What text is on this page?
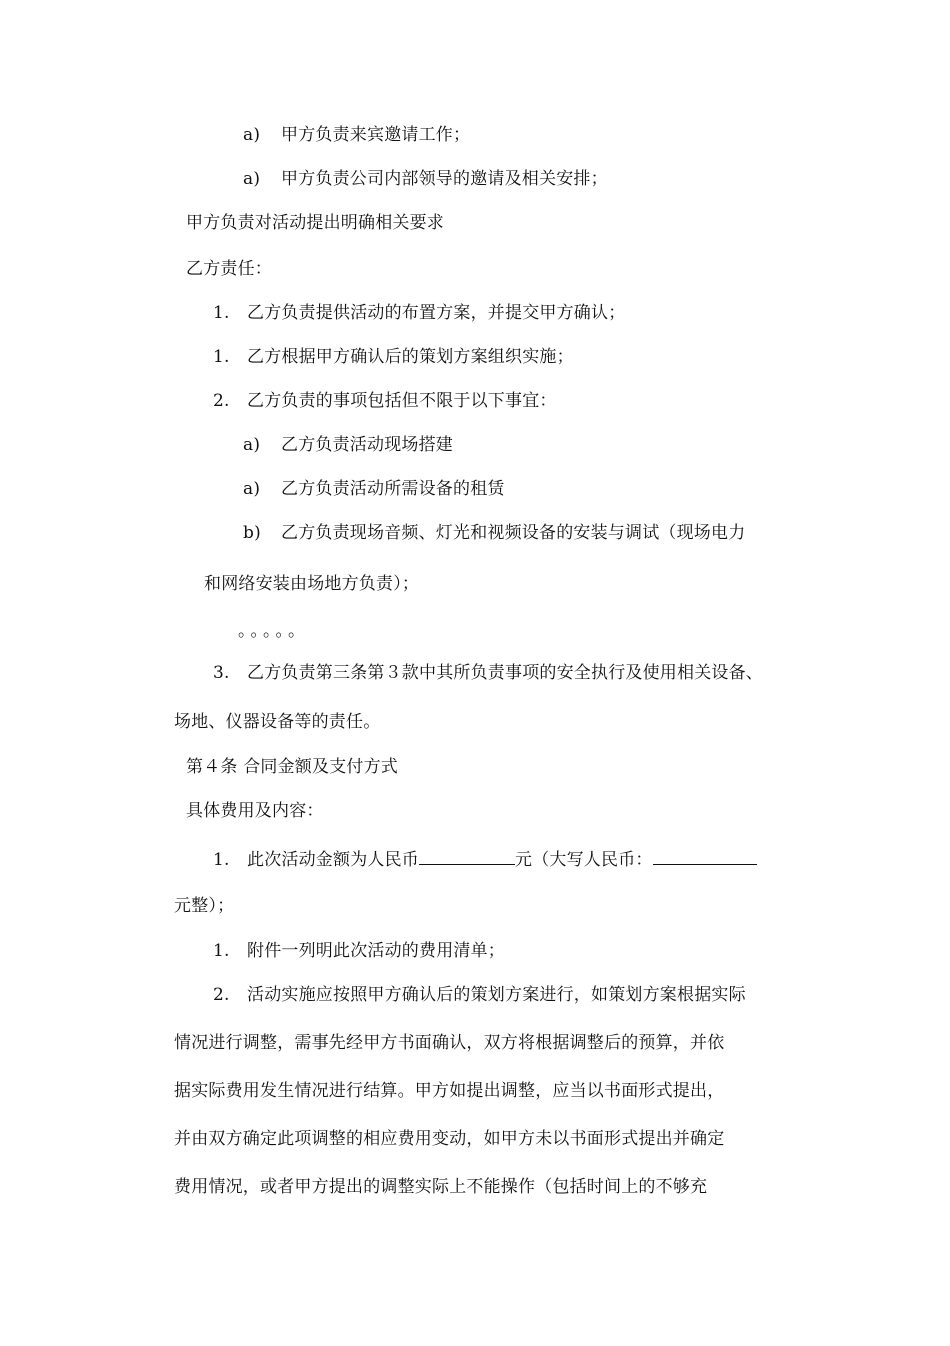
a) 甲方负责来宾邀请工作；
a) 甲方负责公司内部领导的邀请及相关安排；
甲方负责对活动提出明确相关要求
乙方责任：
1. 乙方负责提供活动的布置方案，并提交甲方确认；
1. 乙方根据甲方确认后的策划方案组织实施；
2. 乙方负责的事项包括但不限于以下事宜：
a) 乙方负责活动现场搭建
a) 乙方负责活动所需设备的租赁
b) 乙方负责现场音频、灯光和视频设备的安装与调试（现场电力
和网络安装由场地方负责）；
。。。。。
3. 乙方负责第三条第３款中其所负责事项的安全执行及使用相关设备、
场地、仪器设备等的责任。
第４条 合同金额及支付方式
具体费用及内容：
1. 此次活动金额为人民币	元（大写人民币：
元整）；
1. 附件一列明此次活动的费用清单；
2. 活动实施应按照甲方确认后的策划方案进行，如策划方案根据实际
情况进行调整，需事先经甲方书面确认，双方将根据调整后的预算，并依
据实际费用发生情况进行结算。甲方如提出调整，应当以书面形式提出，
并由双方确定此项调整的相应费用变动，如甲方未以书面形式提出并确定
费用情况，或者甲方提出的调整实际上不能操作（包括时间上的不够充
